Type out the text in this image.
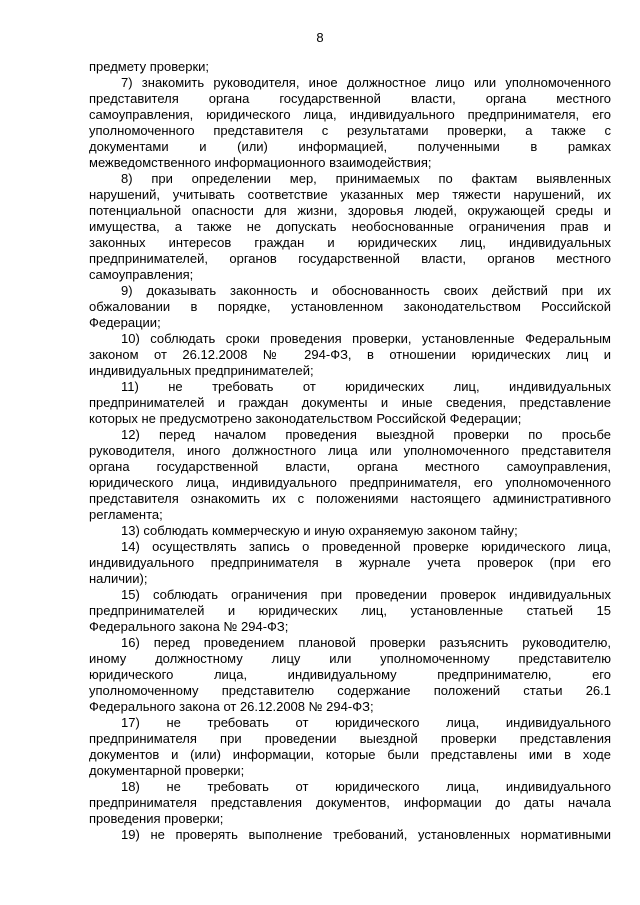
8
предмету проверки;
7) знакомить руководителя, иное должностное лицо или уполномоченного
представителя органа государственной власти, органа местного
самоуправления, юридического лица, индивидуального предпринимателя, его
уполномоченного представителя с результатами проверки, а также с
документами и (или) информацией, полученными в рамках
межведомственного информационного взаимодействия;
8) при определении мер, принимаемых по фактам выявленных
нарушений, учитывать соответствие указанных мер тяжести нарушений, их
потенциальной опасности для жизни, здоровья людей, окружающей среды и
имущества, а также не допускать необоснованные ограничения прав и
законных интересов граждан и юридических лиц, индивидуальных
предпринимателей, органов государственной власти, органов местного
самоуправления;
9) доказывать законность и обоснованность своих действий при их
обжаловании в порядке, установленном законодательством Российской
Федерации;
10) соблюдать сроки проведения проверки, установленные Федеральным
законом от 26.12.2008 № 294-ФЗ, в отношении юридических лиц и
индивидуальных предпринимателей;
11) не требовать от юридических лиц, индивидуальных
предпринимателей и граждан документы и иные сведения, представление
которых не предусмотрено законодательством Российской Федерации;
12) перед началом проведения выездной проверки по просьбе
руководителя, иного должностного лица или уполномоченного представителя
органа государственной власти, органа местного самоуправления,
юридического лица, индивидуального предпринимателя, его уполномоченного
представителя ознакомить их с положениями настоящего административного
регламента;
13) соблюдать коммерческую и иную охраняемую законом тайну;
14) осуществлять запись о проведенной проверке юридического лица,
индивидуального предпринимателя в журнале учета проверок (при его
наличии);
15) соблюдать ограничения при проведении проверок индивидуальных
предпринимателей и юридических лиц, установленные статьей 15
Федерального закона № 294-ФЗ;
16) перед проведением плановой проверки разъяснить руководителю,
иному должностному лицу или уполномоченному представителю
юридического лица, индивидуальному предпринимателю, его
уполномоченному представителю содержание положений статьи 26.1
Федерального закона от 26.12.2008 № 294-ФЗ;
17) не требовать от юридического лица, индивидуального
предпринимателя при проведении выездной проверки представления
документов и (или) информации, которые были представлены ими в ходе
документарной проверки;
18) не требовать от юридического лица, индивидуального
предпринимателя представления документов, информации до даты начала
проведения проверки;
19) не проверять выполнение требований, установленных нормативными
